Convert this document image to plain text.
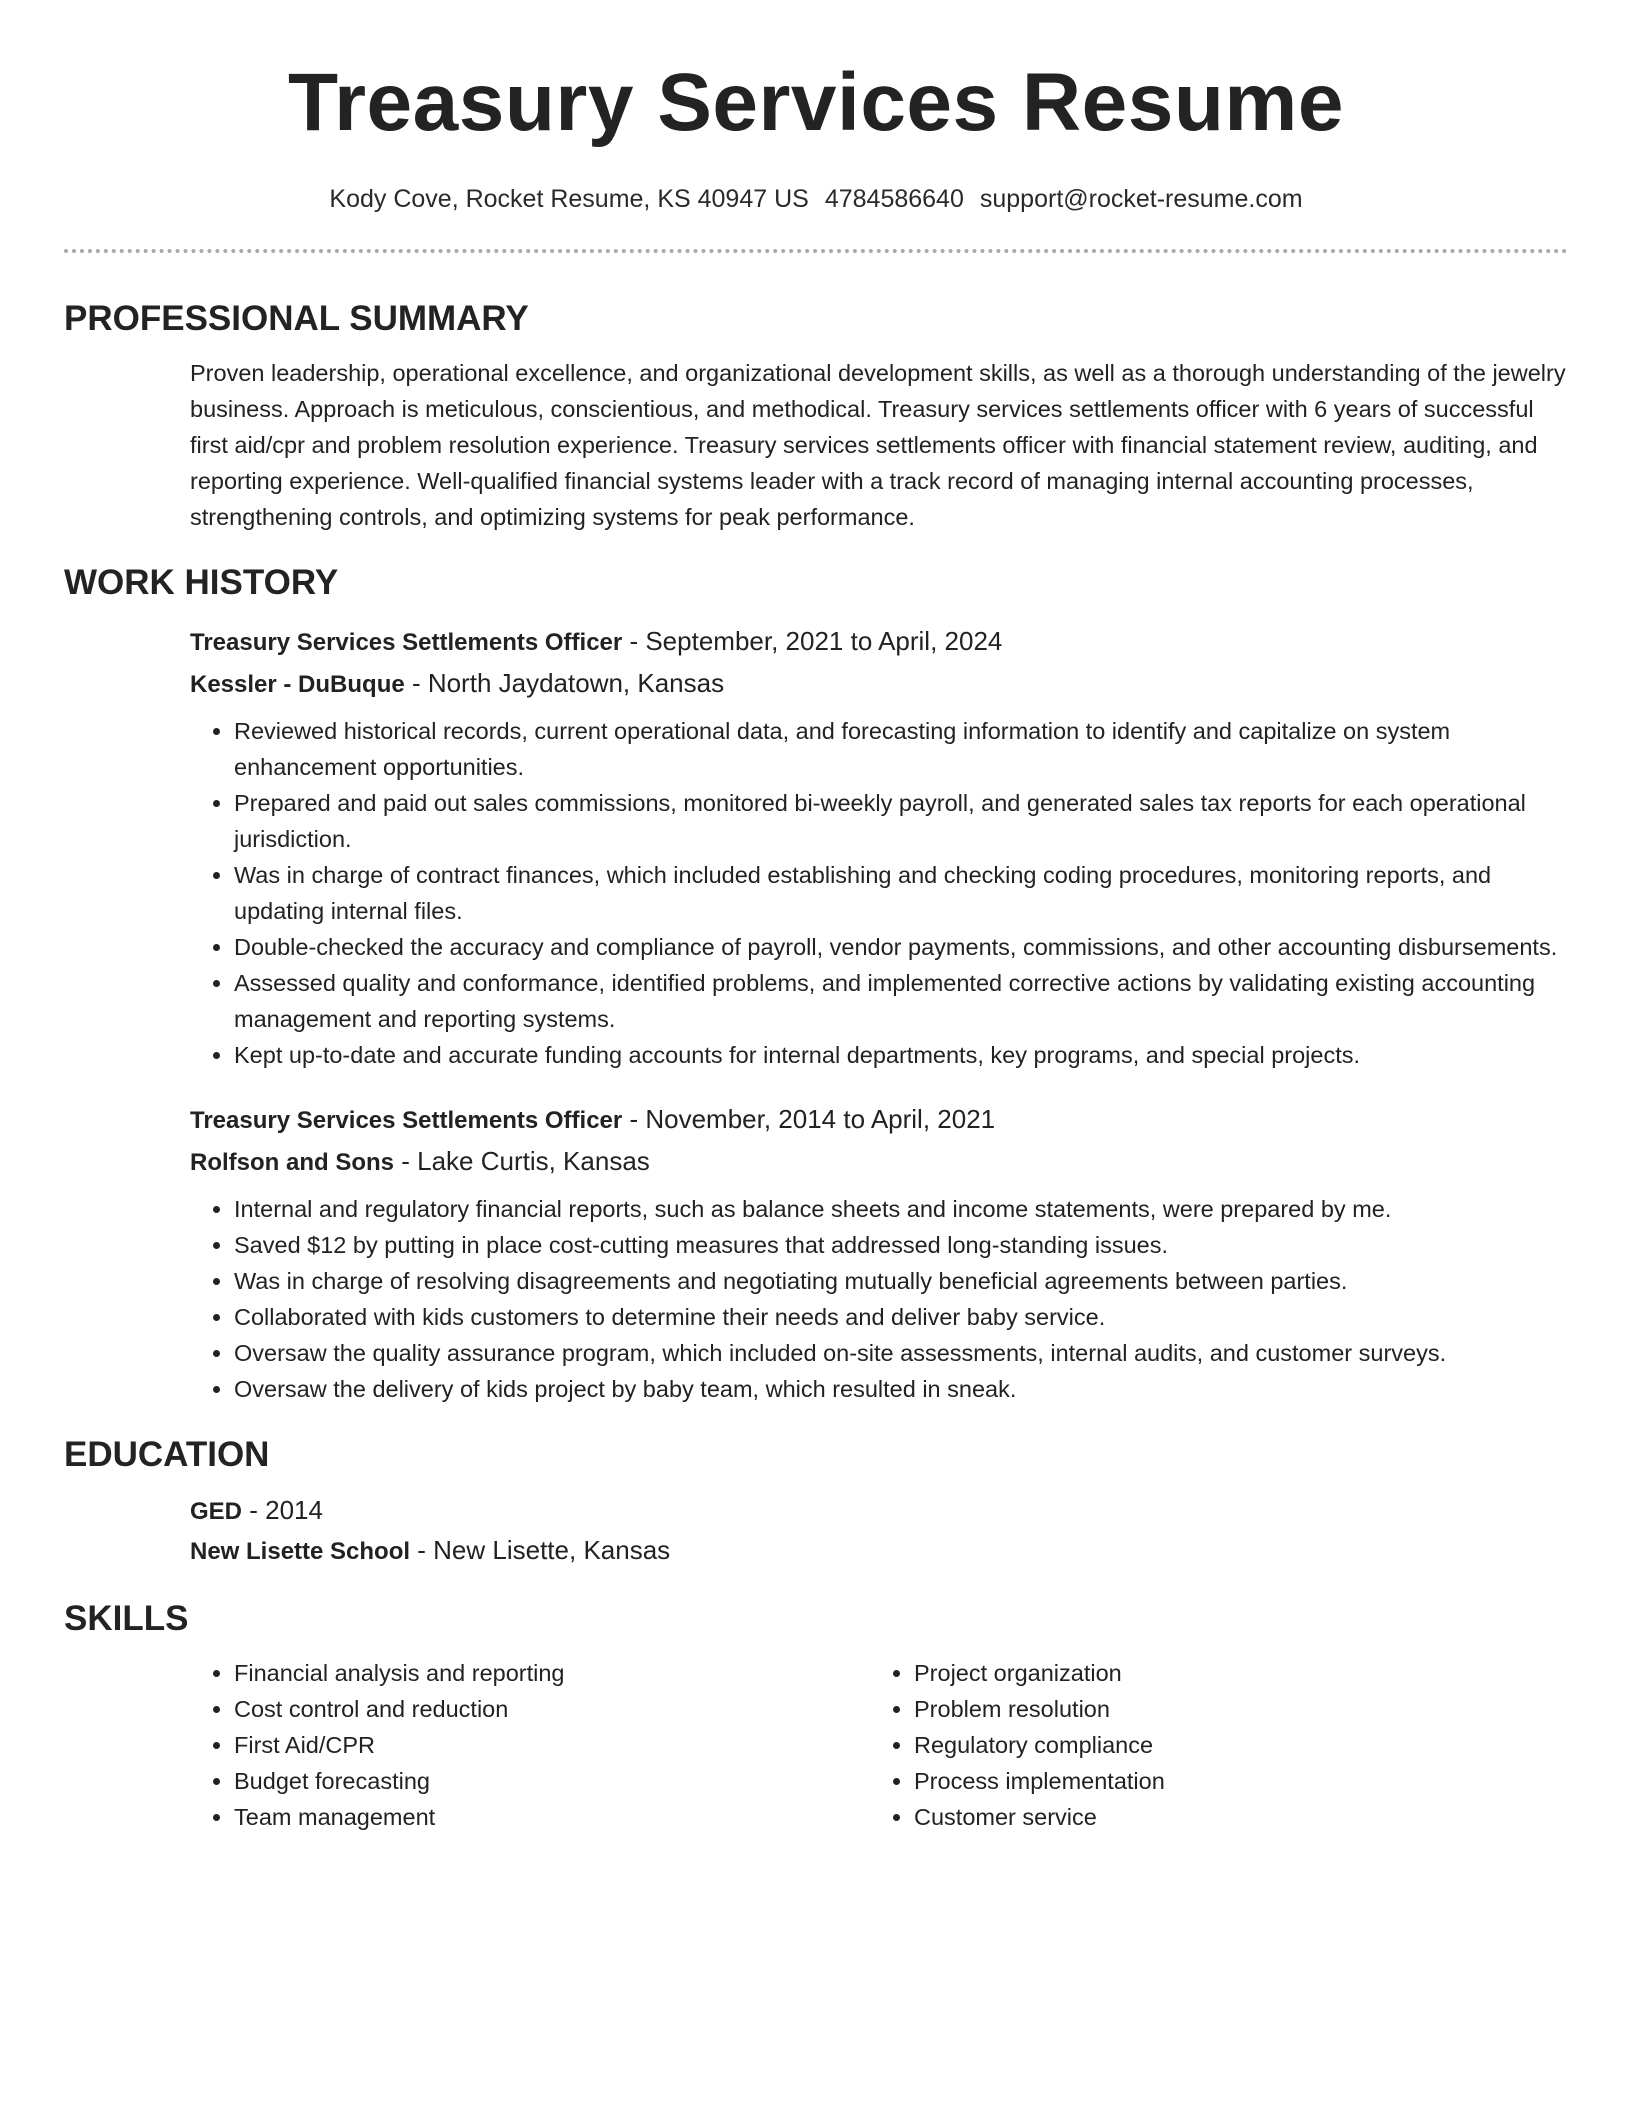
Treasury Services Resume
Kody Cove, Rocket Resume, KS 40947 US 4784586640 support@rocket-resume.com
PROFESSIONAL SUMMARY
Proven leadership, operational excellence, and organizational development skills, as well as a thorough understanding of the jewelry business. Approach is meticulous, conscientious, and methodical. Treasury services settlements officer with 6 years of successful first aid/cpr and problem resolution experience. Treasury services settlements officer with financial statement review, auditing, and reporting experience. Well-qualified financial systems leader with a track record of managing internal accounting processes, strengthening controls, and optimizing systems for peak performance.
WORK HISTORY
Treasury Services Settlements Officer - September, 2021 to April, 2024
Kessler - DuBuque - North Jaydatown, Kansas
• Reviewed historical records, current operational data, and forecasting information to identify and capitalize on system enhancement opportunities.
• Prepared and paid out sales commissions, monitored bi-weekly payroll, and generated sales tax reports for each operational jurisdiction.
• Was in charge of contract finances, which included establishing and checking coding procedures, monitoring reports, and updating internal files.
• Double-checked the accuracy and compliance of payroll, vendor payments, commissions, and other accounting disbursements.
• Assessed quality and conformance, identified problems, and implemented corrective actions by validating existing accounting management and reporting systems.
• Kept up-to-date and accurate funding accounts for internal departments, key programs, and special projects.
Treasury Services Settlements Officer - November, 2014 to April, 2021
Rolfson and Sons - Lake Curtis, Kansas
• Internal and regulatory financial reports, such as balance sheets and income statements, were prepared by me.
• Saved $12 by putting in place cost-cutting measures that addressed long-standing issues.
• Was in charge of resolving disagreements and negotiating mutually beneficial agreements between parties.
• Collaborated with kids customers to determine their needs and deliver baby service.
• Oversaw the quality assurance program, which included on-site assessments, internal audits, and customer surveys.
• Oversaw the delivery of kids project by baby team, which resulted in sneak.
EDUCATION
GED - 2014
New Lisette School - New Lisette, Kansas
SKILLS
• Financial analysis and reporting
• Cost control and reduction
• First Aid/CPR
• Budget forecasting
• Team management
• Project organization
• Problem resolution
• Regulatory compliance
• Process implementation
• Customer service
